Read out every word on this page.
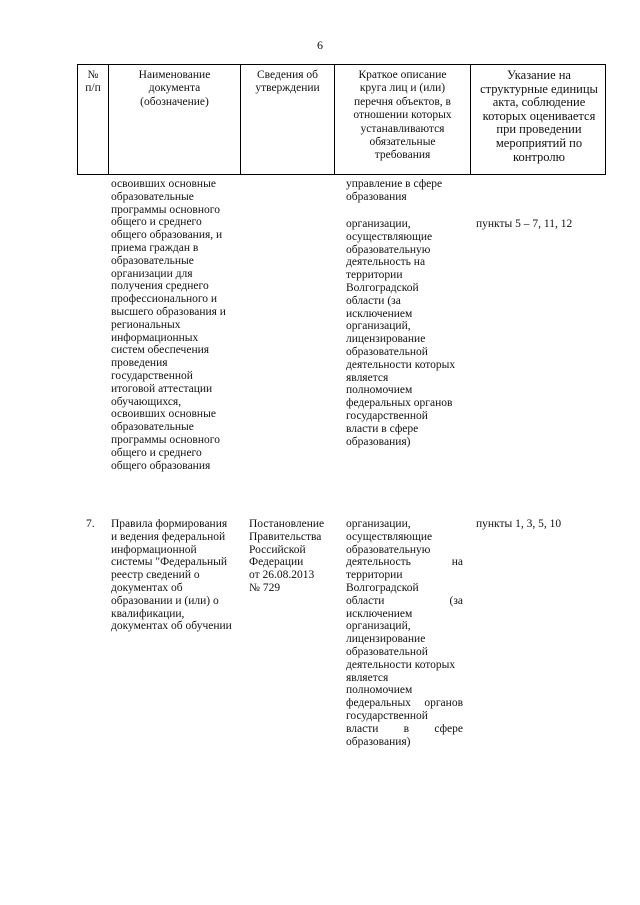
6
№
п/п
Наименование
документа
(обозначение)
Сведения об
утверждении
Краткое описание
круга лиц и (или)
перечня объектов, в
отношении которых
устанавливаются
обязательные
требования
Указание на
структурные единицы
акта, соблюдение
которых оценивается
при проведении
мероприятий по
контролю
освоивших основные
образовательные
программы основного
общего и среднего
общего образования, и
приема граждан в
образовательные
организации для
получения среднего
профессионального и
высшего образования и
региональных
информационных
систем обеспечения
проведения
государственной
итоговой аттестации
обучающихся,
освоивших основные
образовательные
программы основного
общего и среднего
общего образования
управление в сфере
образования
организации,
осуществляющие
образовательную
деятельность на
территории
Волгоградской
области (за
исключением
организаций,
лицензирование
образовательной
деятельности которых
является
полномочием
федеральных органов
государственной
власти в сфере
образования)
пункты 5 – 7, 11, 12
7. Правила формирования
и ведения федеральной
информационной
системы "Федеральный
реестр сведений о
документах об
образовании и (или) о
квалификации,
документах об обучении
Постановление
Правительства
Российской
Федерации
от 26.08.2013
№ 729
организации,
осуществляющие
образовательную
деятельность	на
территории
Волгоградской
области	(за
исключением
организаций,
лицензирование
образовательной
деятельности которых
является
полномочием
федеральных органов
государственной
власти в сфере
образования)
пункты 1, 3, 5, 10
